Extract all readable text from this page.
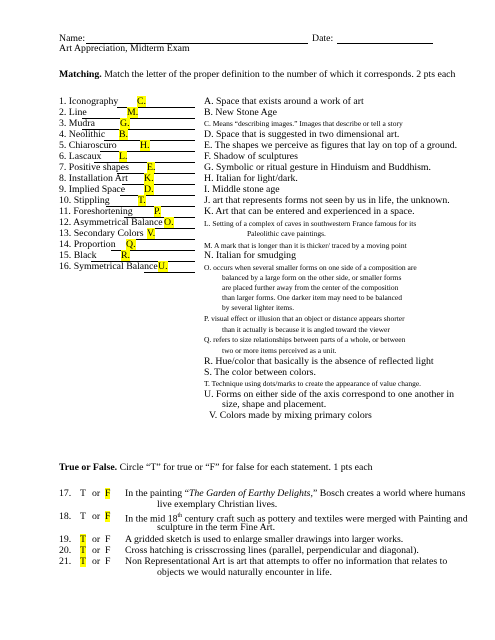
Name:	Date:
Art Appreciation, Midterm Exam
Matching. Match the letter of the proper definition to the number of which it corresponds. 2 pts each
1. Iconography C.
2. Line	M.
3. Mudra	G.
4. Neolithic B.
5. Chiaroscuro H.
6. Lascaux L.
7. Positive shapes E.
8. Installation Art K.
9. Implied Space D.
10. Stippling	T.
11. Foreshortening P.
12. Asymmetrical Balance O.
13. Secondary Colors V.
14. Proportion Q.
15. Black R.
16. Symmetrical Balance U.
A. Space that exists around a work of art
B. New Stone Age
C. Means “describing images.” Images that describe or tell a story
D. Space that is suggested in two dimensional art.
E. The shapes we perceive as figures that lay on top of a ground.
F. Shadow of sculptures
G. Symbolic or ritual gesture in Hinduism and Buddhism.
H. Italian for light/dark.
I. Middle stone age
J. art that represents forms not seen by us in life, the unknown.
K. Art that can be entered and experienced in a space.
L. Setting of a complex of caves in southwestern France famous for its
Paleolithic cave paintings.
M. A mark that is longer than it is thicker/ traced by a moving point
N. Italian for smudging
O. occurs when several smaller forms on one side of a composition are
balanced by a large form on the other side, or smaller forms
are placed further away from the center of the composition
than larger forms. One darker item may need to be balanced
by several lighter items.
P. visual effect or illusion that an object or distance appears shorter
than it actually is because it is angled toward the viewer
Q. refers to size relationships between parts of a whole, or between
two or more items perceived as a unit.
R. Hue/color that basically is the absence of reflected light
S. The color between colors.
T. Technique using dots/marks to create the appearance of value change.
U. Forms on either side of the axis correspond to one another in
size, shape and placement.
V. Colors made by mixing primary colors
True or False. Circle “T” for true or “F” for false for each statement. 1 pts each
17. T or F In the painting “The Garden of Earthy Delights,” Bosch creates a world where humans
live exemplary Christian lives.
18. T or F In the mid 18th century craft such as pottery and textiles were merged with Painting and
sculpture in the term Fine Art.
19. T or F A gridded sketch is used to enlarge smaller drawings into larger works.
20. T or F Cross hatching is crisscrossing lines (parallel, perpendicular and diagonal).
21. T or F Non Representational Art is art that attempts to offer no information that relates to
objects we would naturally encounter in life.
